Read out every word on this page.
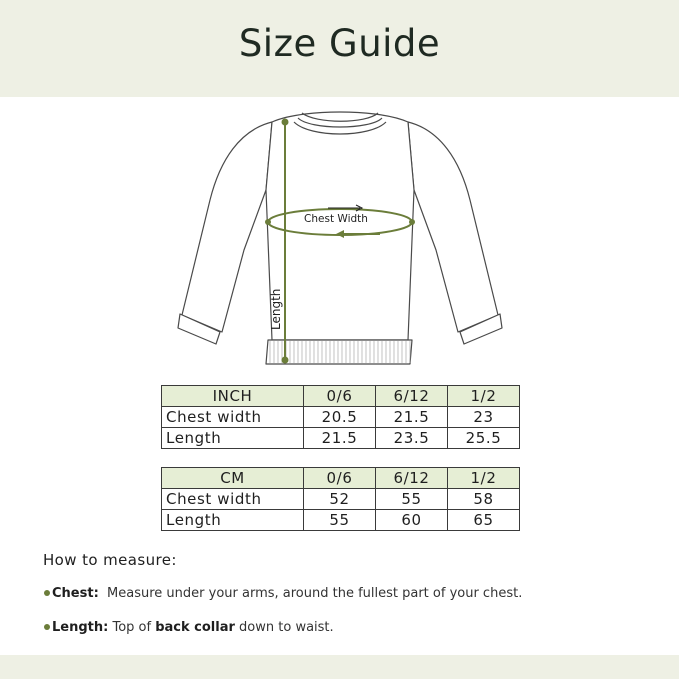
Size Guide
Chest Width
Length
INCH	0/6	6/12	1/2
Chest width	20.5	21.5	23
Length	21.5	23.5	25.5
CM	0/6	6/12	1/2
Chest width	52	55	58
Length	55	60	65
How to measure:
Chest: Measure under your arms, around the fullest part of your chest.
Length: Top of back collar down to waist.
